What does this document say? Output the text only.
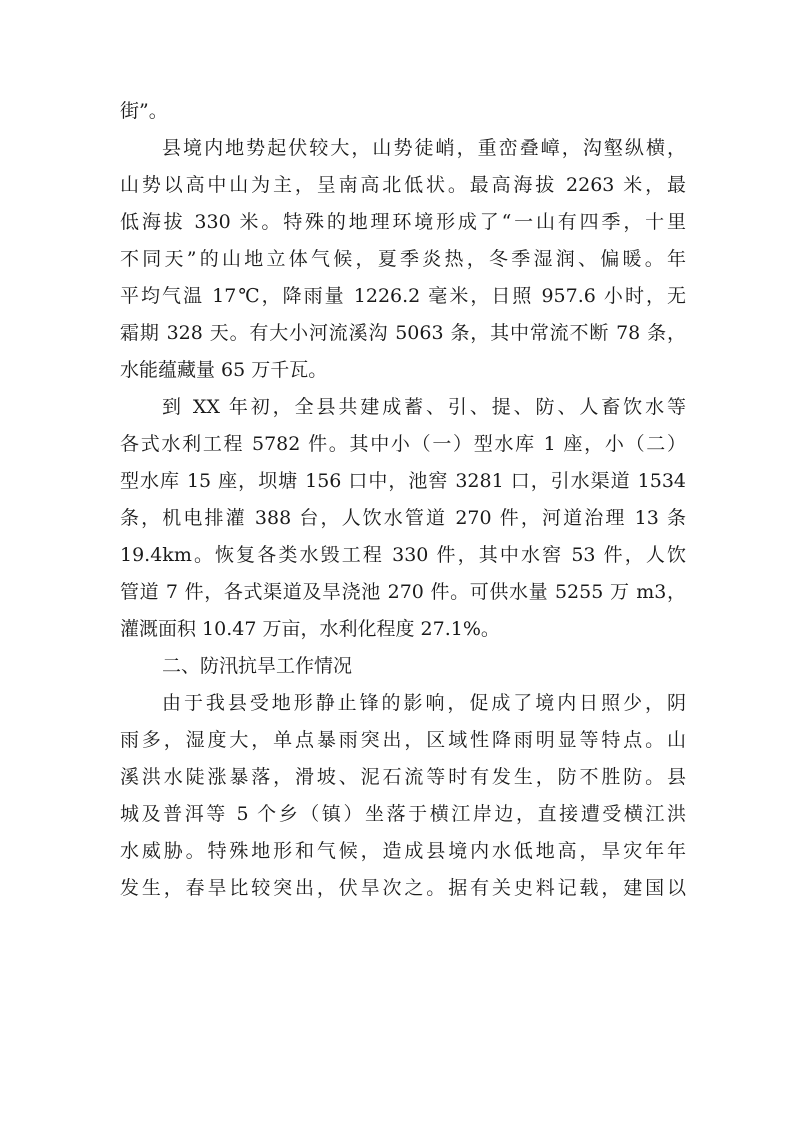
街”。
县境内地势起伏较大，山势徒峭，重峦叠嶂，沟壑纵横，
山势以高中山为主，呈南高北低状。最高海拔 2263 米，最
低海拔 330 米。特殊的地理环境形成了“一山有四季，十里
不同天”的山地立体气候，夏季炎热，冬季湿润、偏暖。年
平均气温 17℃，降雨量 1226.2 毫米，日照 957.6 小时，无
霜期 328 天。有大小河流溪沟 5063 条，其中常流不断 78 条，
水能蕴藏量 65 万千瓦。
到 XX 年初，全县共建成蓄、引、提、防、人畜饮水等
各式水利工程 5782 件。其中小（一）型水库 1 座，小（二）
型水库 15 座，坝塘 156 口中，池窖 3281 口，引水渠道 1534
条，机电排灌 388 台，人饮水管道 270 件，河道治理 13 条
19.4km。恢复各类水毁工程 330 件，其中水窖 53 件，人饮
管道 7 件，各式渠道及旱浇池 270 件。可供水量 5255 万 m3，
灌溉面积 10.47 万亩，水利化程度 27.1%。
二、防汛抗旱工作情况
由于我县受地形静止锋的影响，促成了境内日照少，阴
雨多，湿度大，单点暴雨突出，区域性降雨明显等特点。山
溪洪水陡涨暴落，滑坡、泥石流等时有发生，防不胜防。县
城及普洱等 5 个乡（镇）坐落于横江岸边，直接遭受横江洪
水威胁。特殊地形和气候，造成县境内水低地高，旱灾年年
发生，春旱比较突出，伏旱次之。据有关史料记载，建国以
